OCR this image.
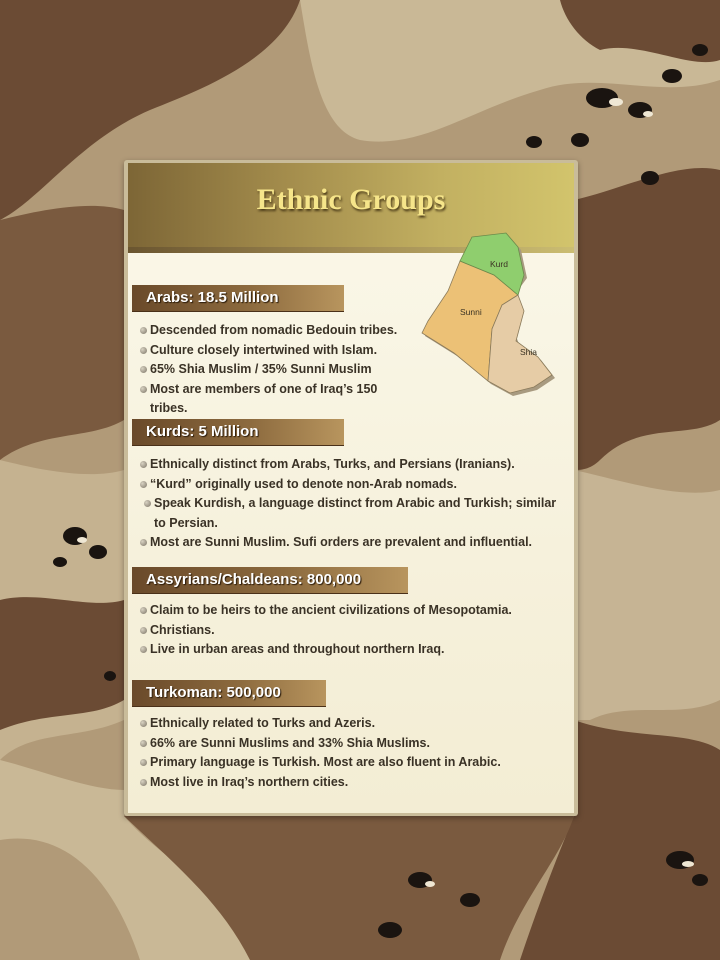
Ethnic Groups
Kurd
Sunni
Shia
Arabs: 18.5 Million
Descended from nomadic Bedouin tribes.
Culture closely intertwined with Islam.
65% Shia Muslim / 35% Sunni Muslim
Most are members of one of Iraq’s 150 tribes.
Kurds: 5 Million
Ethnically distinct from Arabs, Turks, and Persians (Iranians).
“Kurd” originally used to denote non-Arab nomads.
Speak Kurdish, a language distinct from Arabic and Turkish; similar to Persian.
Most are Sunni Muslim. Sufi orders are prevalent and influential.
Assyrians/Chaldeans: 800,000
Claim to be heirs to the ancient civilizations of Mesopotamia.
Christians.
Live in urban areas and throughout northern Iraq.
Turkoman: 500,000
Ethnically related to Turks and Azeris.
66% are Sunni Muslims and 33% Shia Muslims.
Primary language is Turkish. Most are also fluent in Arabic.
Most live in Iraq’s northern cities.
